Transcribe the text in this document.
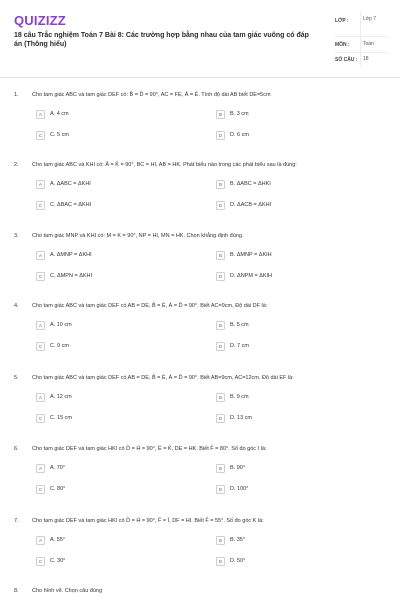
QUIZIZZ
18 câu Trắc nghiệm Toán 7 Bài 8: Các trường hợp bằng nhau của tam giác vuông có đáp án (Thông hiểu)
LỚP :	Lớp 7
MÔN :	Toán
SỐ CÂU : 18
1. Cho tam giác ABC và tam giác DEF có: B̂ = D̂ = 90°, AC = FE, Â = Ê. Tính độ dài AB biết DE=5cm
A	A. 4 cm	B	B. 3 cm
C	C. 5 cm	D	D. 6 cm
2. Cho tam giác ABC và KHI có: Â = K̂ = 90°, BC = HI, AB = HK. Phát biểu nào trong các phát biểu sau là đúng:
A	A. ΔABC = ΔKHI	B	B. ΔABC = ΔHKI
C	C. ΔBAC = ΔKHI	D	D. ΔACB = ΔKHI
3. Cho tam giác MNP và KHI có: M = K = 90°, NP = HI, MN = HK. Chọn khẳng định đúng.
A	A. ΔMNP = ΔKHI	B	B. ΔMNP = ΔKIH
C	C. ΔMPN = ΔKHI	D	D. ΔNPM = ΔKIH
4. Cho tam giác ABC và tam giác DEF có AB = DE, B̂ = Ê, Â = D̂ = 90°. Biết AC=9cm, Độ dài DF là:
A	A. 10 cm	B	B. 5 cm
C	C. 9 cm	D	D. 7 cm
5. Cho tam giác ABC và tam giác DEF có AB = DE, B̂ = Ê, Â = D̂ = 90°. Biết AB=9cm, AC=12cm. Độ dài EF là:
A	A. 12 cm	B	B. 9 cm
C	C. 15 cm	D	D. 13 cm
6. Cho tam giác DEF và tam giác HKI có D̂ = Ĥ = 90°, Ê = K̂, DE = HK. Biết F̂ = 80°. Số đo góc I là:
A	A. 70°	B	B. 90°
C	C. 80°	D	D. 100°
7. Cho tam giác DEF và tam giác HKI có D̂ = Ĥ = 90°, F̂ = Î, DF = HI. Biết F̂ = 55°. Số đo góc K là:
A	A. 55°	B	B. 35°
C	C. 30°	D	D. 50°
8. Cho hình vẽ. Chọn câu đúng
